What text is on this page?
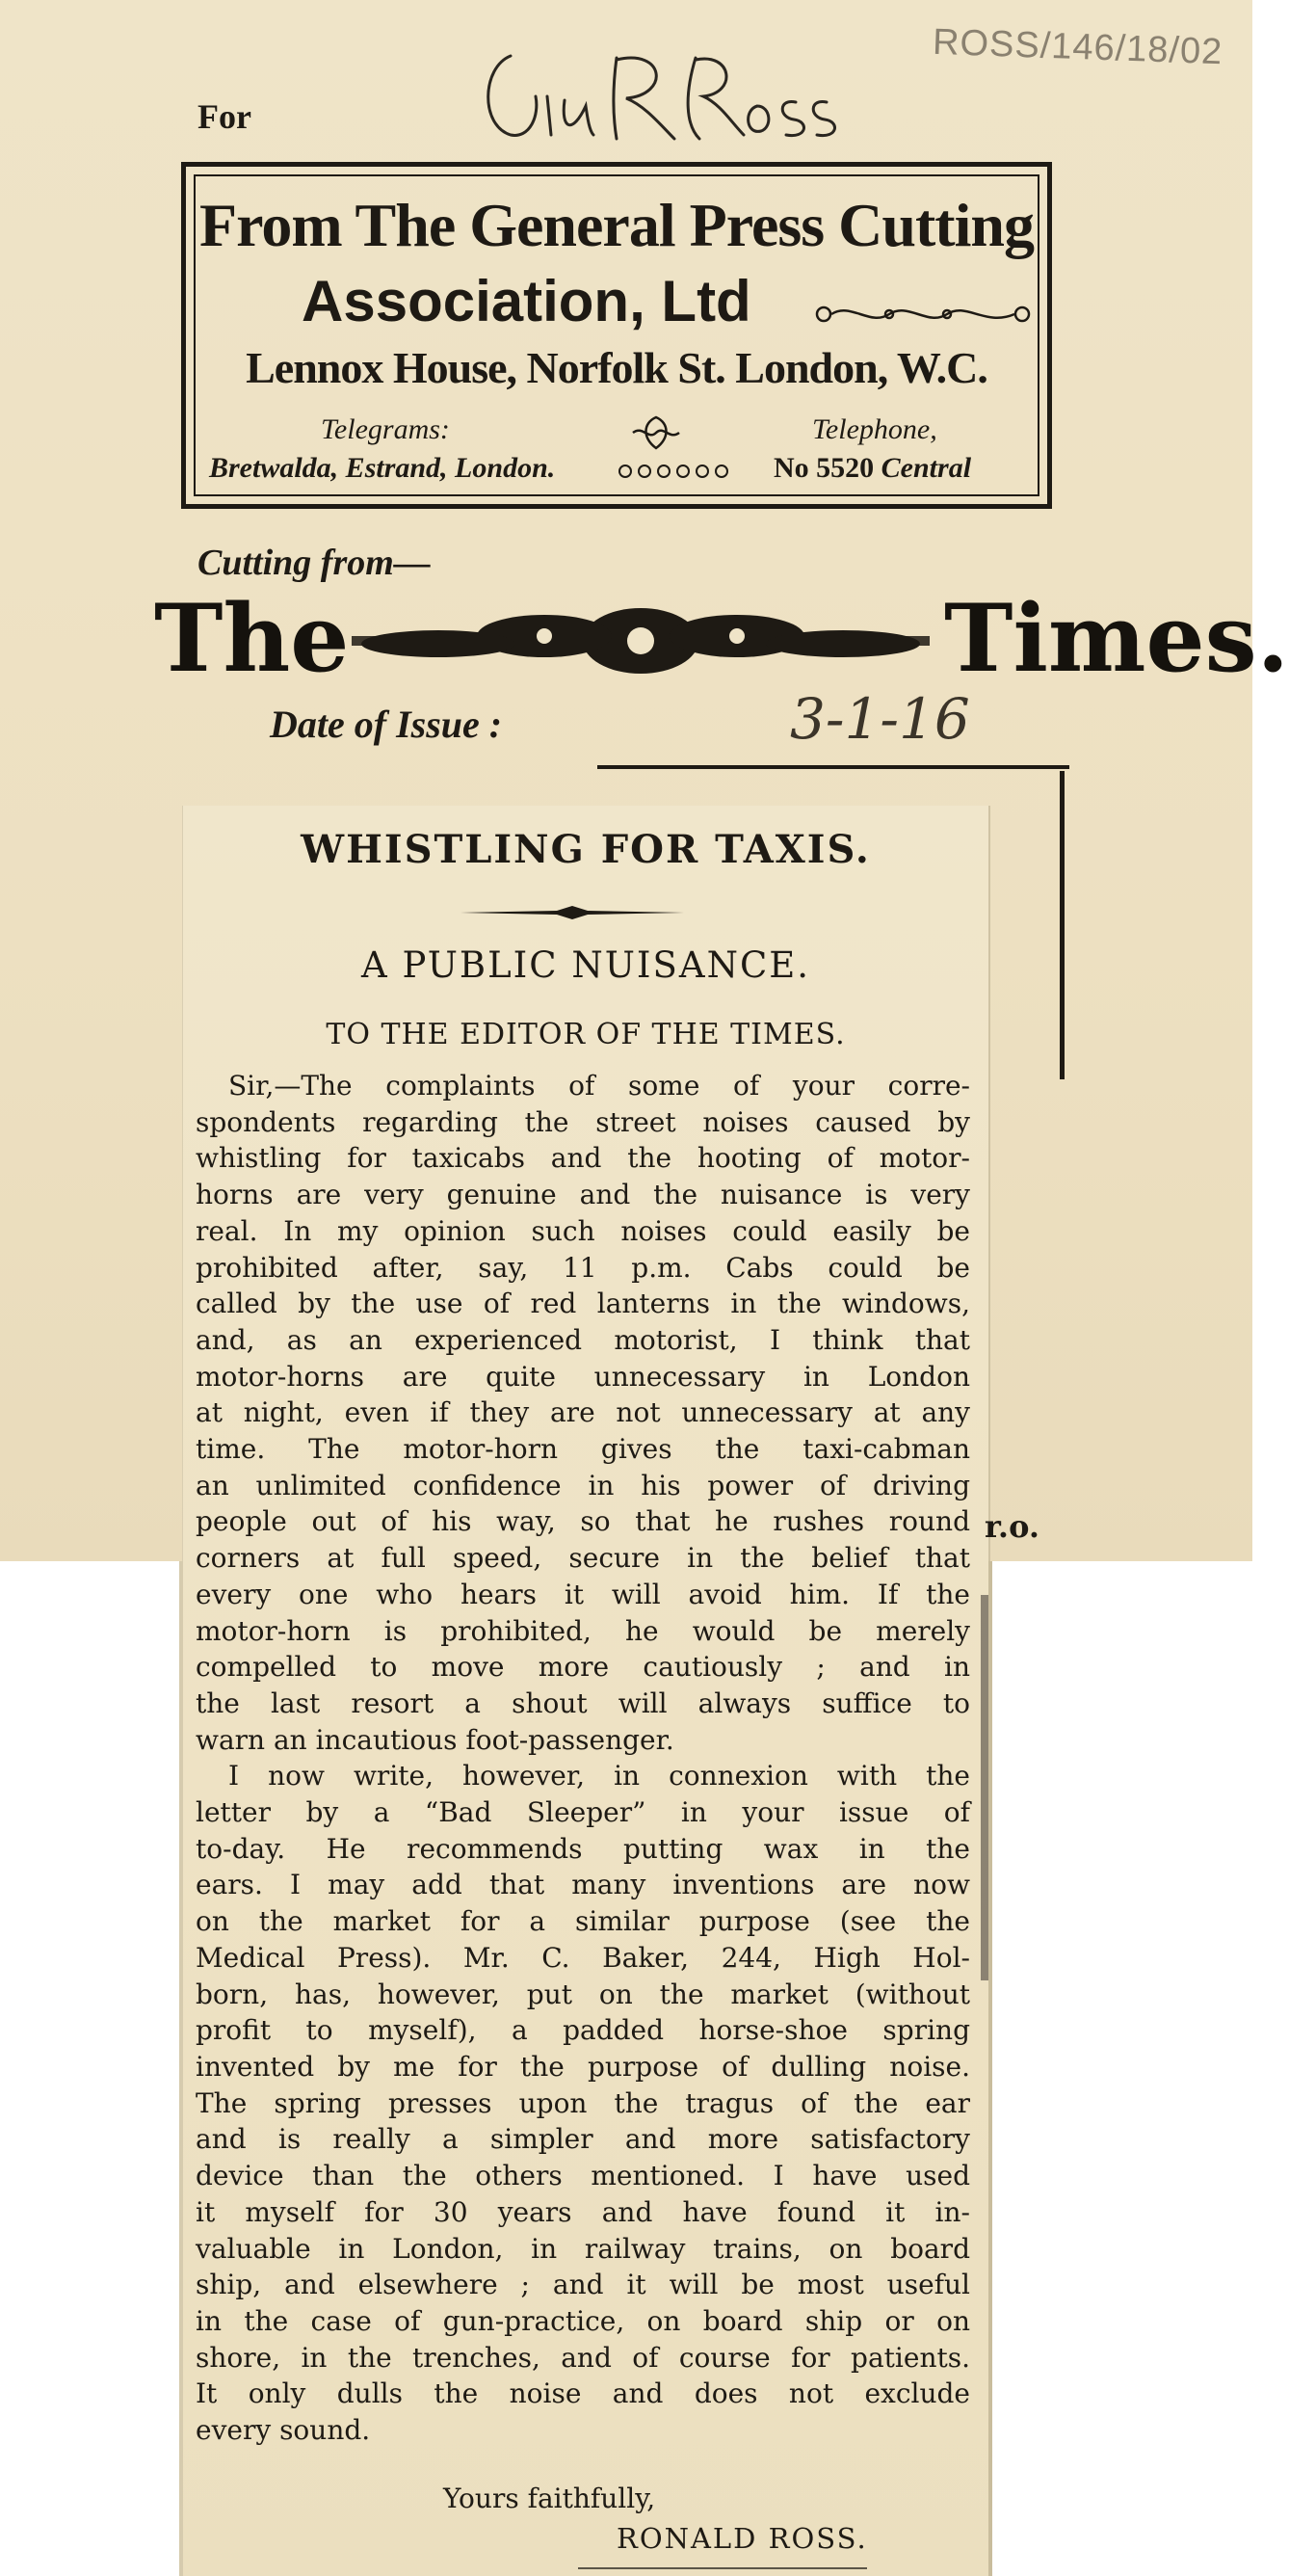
ROSS/146/18/02
For
From The General Press Cutting
Association, Ltd
Lennox House, Norfolk St. London, W.C.
Telegrams:	Telephone,
Bretwalda, Estrand, London.	No 5520 Central
Cutting from—
The	Times.
Date of Issue :	3-1-16
r.o.
WHISTLING FOR TAXIS.
A PUBLIC NUISANCE.
TO THE EDITOR OF THE TIMES.
Sir,—The complaints of some of your corre-
spondents regarding the street noises caused by
whistling for taxicabs and the hooting of motor-
horns are very genuine and the nuisance is very
real. In my opinion such noises could easily be
prohibited after, say, 11 p.m. Cabs could be
called by the use of red lanterns in the windows,
and, as an experienced motorist, I think that
motor-horns are quite unnecessary in London
at night, even if they are not unnecessary at any
time. The motor-horn gives the taxi-cabman
an unlimited confidence in his power of driving
people out of his way, so that he rushes round
corners at full speed, secure in the belief that
every one who hears it will avoid him. If the
motor-horn is prohibited, he would be merely
compelled to move more cautiously ; and in
the last resort a shout will always suffice to
warn an incautious foot-passenger.
I now write, however, in connexion with the
letter by a “Bad Sleeper” in your issue of
to-day. He recommends putting wax in the
ears. I may add that many inventions are now
on the market for a similar purpose (see the
Medical Press). Mr. C. Baker, 244, High Hol-
born, has, however, put on the market (without
profit to myself), a padded horse-shoe spring
invented by me for the purpose of dulling noise.
The spring presses upon the tragus of the ear
and is really a simpler and more satisfactory
device than the others mentioned. I have used
it myself for 30 years and have found it in-
valuable in London, in railway trains, on board
ship, and elsewhere ; and it will be most useful
in the case of gun-practice, on board ship or on
shore, in the trenches, and of course for patients.
It only dulls the noise and does not exclude
every sound.
Yours faithfully,
RONALD ROSS.
